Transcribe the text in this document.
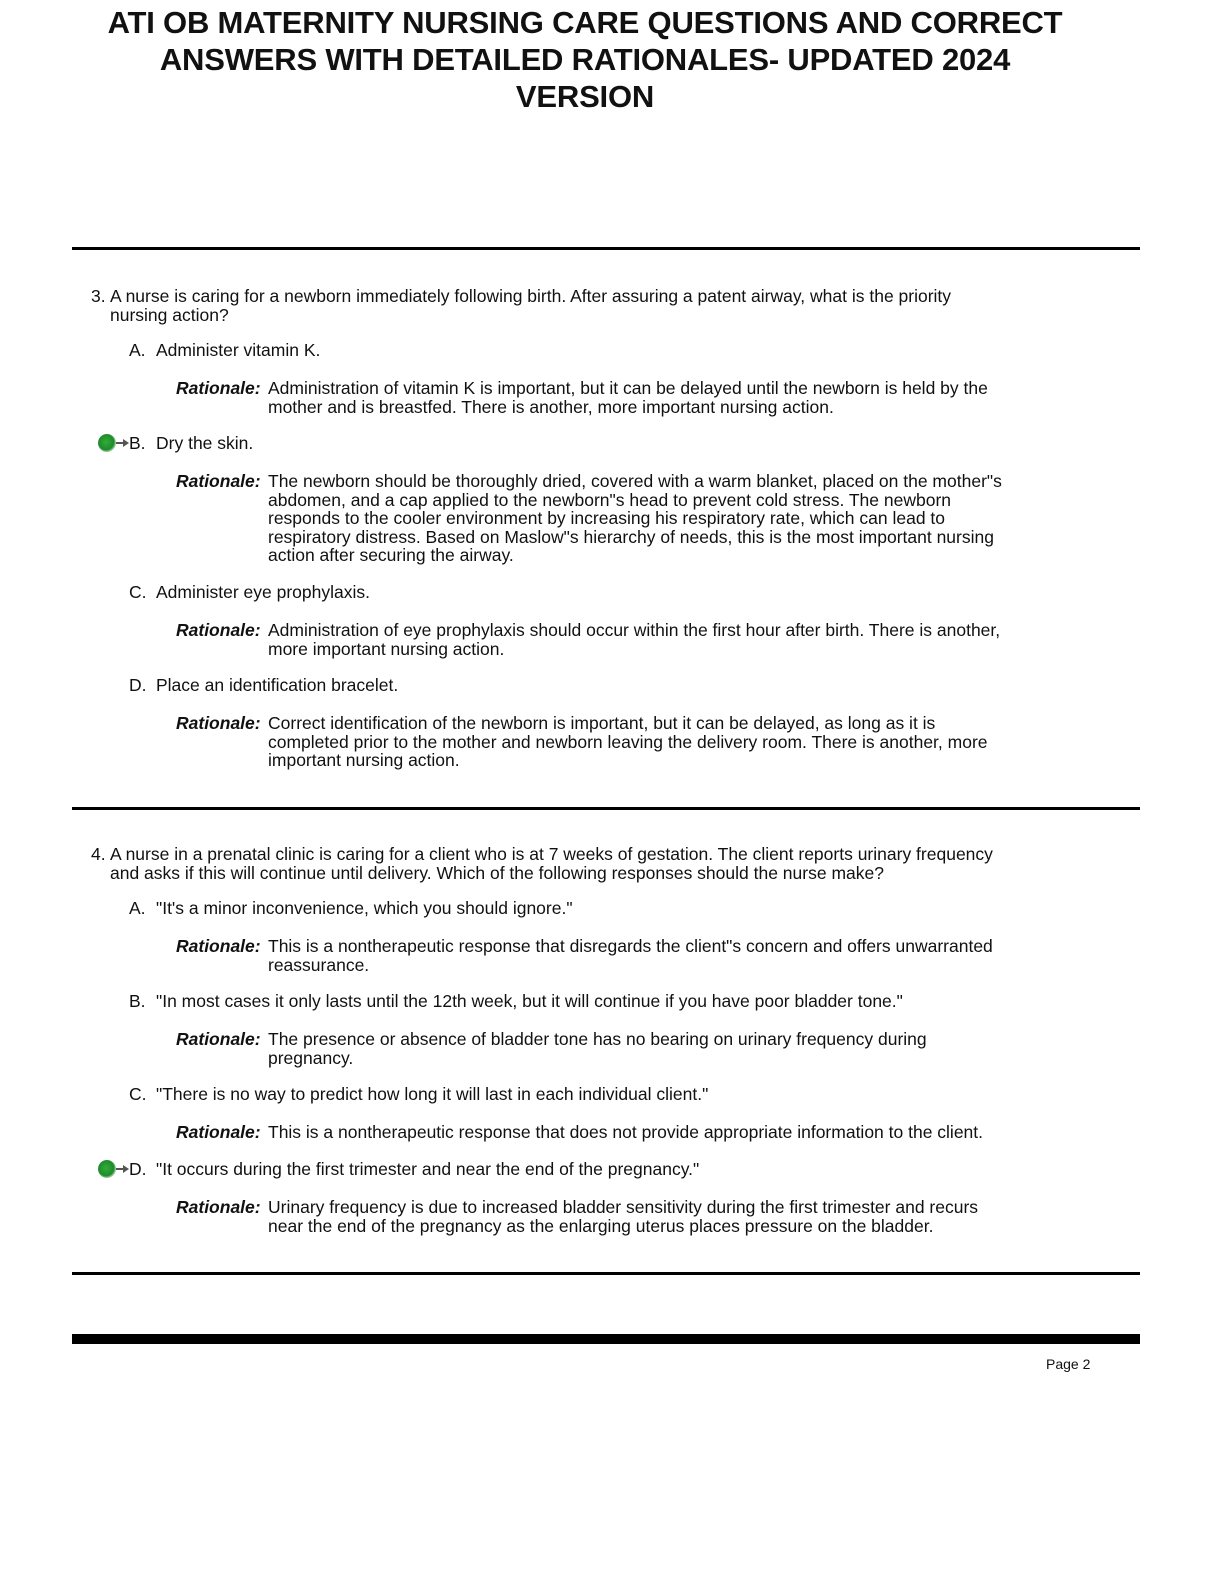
ATI OB MATERNITY NURSING CARE QUESTIONS AND CORRECT
ANSWERS WITH DETAILED RATIONALES- UPDATED 2024
VERSION
3. A nurse is caring for a newborn immediately following birth. After assuring a patent airway, what is the priority
nursing action?
A. Administer vitamin K.
Rationale: Administration of vitamin K is important, but it can be delayed until the newborn is held by the
mother and is breastfed. There is another, more important nursing action.
B. Dry the skin.
Rationale: The newborn should be thoroughly dried, covered with a warm blanket, placed on the mother"s
abdomen, and a cap applied to the newborn"s head to prevent cold stress. The newborn
responds to the cooler environment by increasing his respiratory rate, which can lead to
respiratory distress. Based on Maslow"s hierarchy of needs, this is the most important nursing
action after securing the airway.
C. Administer eye prophylaxis.
Rationale: Administration of eye prophylaxis should occur within the first hour after birth. There is another,
more important nursing action.
D. Place an identification bracelet.
Rationale: Correct identification of the newborn is important, but it can be delayed, as long as it is
completed prior to the mother and newborn leaving the delivery room. There is another, more
important nursing action.
4. A nurse in a prenatal clinic is caring for a client who is at 7 weeks of gestation. The client reports urinary frequency
and asks if this will continue until delivery. Which of the following responses should the nurse make?
A. "It's a minor inconvenience, which you should ignore."
Rationale: This is a nontherapeutic response that disregards the client"s concern and offers unwarranted
reassurance.
B. "In most cases it only lasts until the 12th week, but it will continue if you have poor bladder tone."
Rationale: The presence or absence of bladder tone has no bearing on urinary frequency during
pregnancy.
C. "There is no way to predict how long it will last in each individual client."
Rationale: This is a nontherapeutic response that does not provide appropriate information to the client.
D. "It occurs during the first trimester and near the end of the pregnancy."
Rationale: Urinary frequency is due to increased bladder sensitivity during the first trimester and recurs
near the end of the pregnancy as the enlarging uterus places pressure on the bladder.
Page 2
